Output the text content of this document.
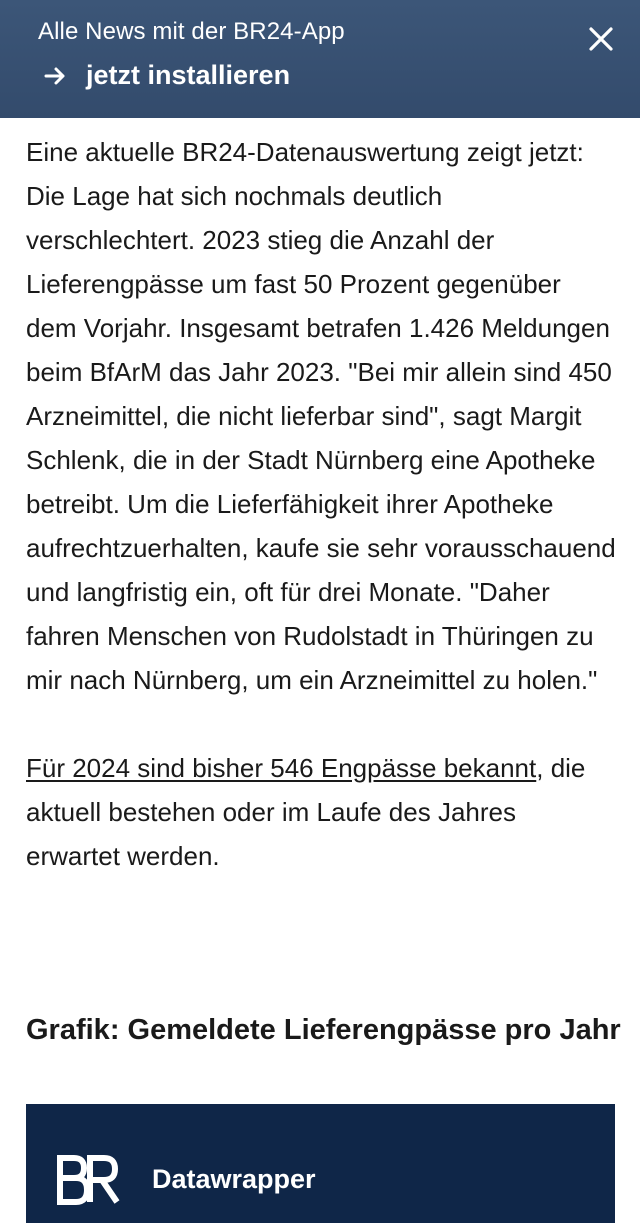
Alle News mit der BR24-App
jetzt installieren

Eine aktuelle BR24-Datenauswertung zeigt jetzt: Die Lage hat sich nochmals deutlich verschlechtert. 2023 stieg die Anzahl der Lieferengpässe um fast 50 Prozent gegenüber dem Vorjahr. Insgesamt betrafen 1.426 Meldungen beim BfArM das Jahr 2023. "Bei mir allein sind 450 Arzneimittel, die nicht lieferbar sind", sagt Margit Schlenk, die in der Stadt Nürnberg eine Apotheke betreibt. Um die Lieferfähigkeit ihrer Apotheke aufrechtzuerhalten, kaufe sie sehr vorausschauend und langfristig ein, oft für drei Monate. "Daher fahren Menschen von Rudolstadt in Thüringen zu mir nach Nürnberg, um ein Arzneimittel zu holen."

Für 2024 sind bisher 546 Engpässe bekannt, die aktuell bestehen oder im Laufe des Jahres erwartet werden.

Grafik: Gemeldete Lieferengpässe pro Jahr
Datawrapper
